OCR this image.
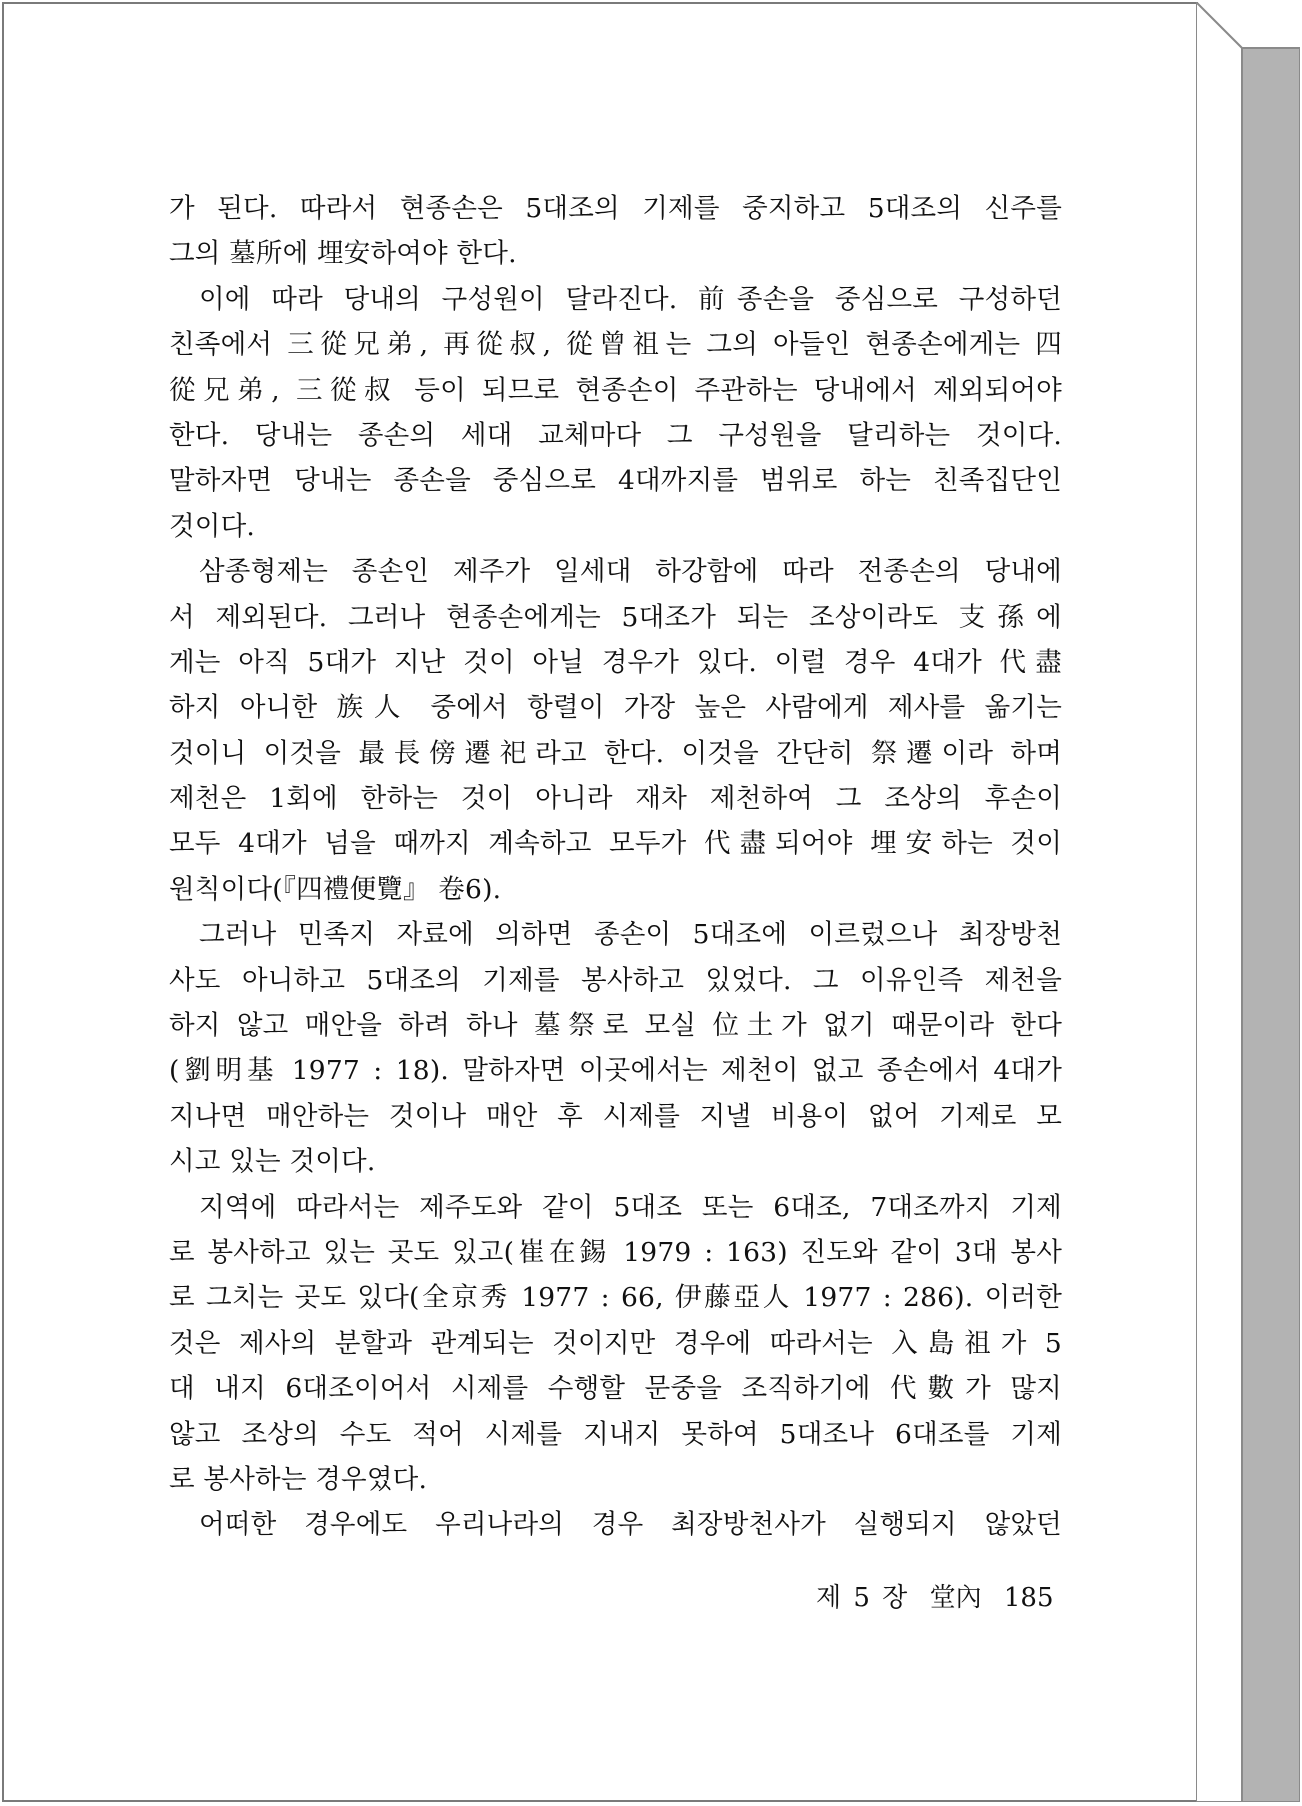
가 된다. 따라서 현종손은 5대조의 기제를 중지하고 5대조의 신주를
그의 墓所에 埋安하여야 한다.
이에 따라 당내의 구성원이 달라진다. 前종손을 중심으로 구성하던
친족에서 三從兄弟, 再從叔, 從曾祖는 그의 아들인 현종손에게는 四
從兄弟, 三從叔 등이 되므로 현종손이 주관하는 당내에서 제외되어야
한다. 당내는 종손의 세대 교체마다 그 구성원을 달리하는 것이다.
말하자면 당내는 종손을 중심으로 4대까지를 범위로 하는 친족집단인
것이다.
삼종형제는 종손인 제주가 일세대 하강함에 따라 전종손의 당내에
서 제외된다. 그러나 현종손에게는 5대조가 되는 조상이라도 支孫에
게는 아직 5대가 지난 것이 아닐 경우가 있다. 이럴 경우 4대가 代盡
하지 아니한 族人 중에서 항렬이 가장 높은 사람에게 제사를 옮기는
것이니 이것을 最長傍遷祀라고 한다. 이것을 간단히 祭遷이라 하며
제천은 1회에 한하는 것이 아니라 재차 제천하여 그 조상의 후손이
모두 4대가 넘을 때까지 계속하고 모두가 代盡되어야 埋安하는 것이
원칙이다(『四禮便覽』 卷6).
그러나 민족지 자료에 의하면 종손이 5대조에 이르렀으나 최장방천
사도 아니하고 5대조의 기제를 봉사하고 있었다. 그 이유인즉 제천을
하지 않고 매안을 하려 하나 墓祭로 모실 位土가 없기 때문이라 한다
(劉明基 1977 : 18). 말하자면 이곳에서는 제천이 없고 종손에서 4대가
지나면 매안하는 것이나 매안 후 시제를 지낼 비용이 없어 기제로 모
시고 있는 것이다.
지역에 따라서는 제주도와 같이 5대조 또는 6대조, 7대조까지 기제
로 봉사하고 있는 곳도 있고(崔在錫 1979 : 163) 진도와 같이 3대 봉사
로 그치는 곳도 있다(全京秀 1977 : 66, 伊藤亞人 1977 : 286). 이러한
것은 제사의 분할과 관계되는 것이지만 경우에 따라서는 入島祖가 5
대 내지 6대조이어서 시제를 수행할 문중을 조직하기에 代數가 많지
않고 조상의 수도 적어 시제를 지내지 못하여 5대조나 6대조를 기제
로 봉사하는 경우였다.
어떠한 경우에도 우리나라의 경우 최장방천사가 실행되지 않았던
제 5 장 堂內 185
